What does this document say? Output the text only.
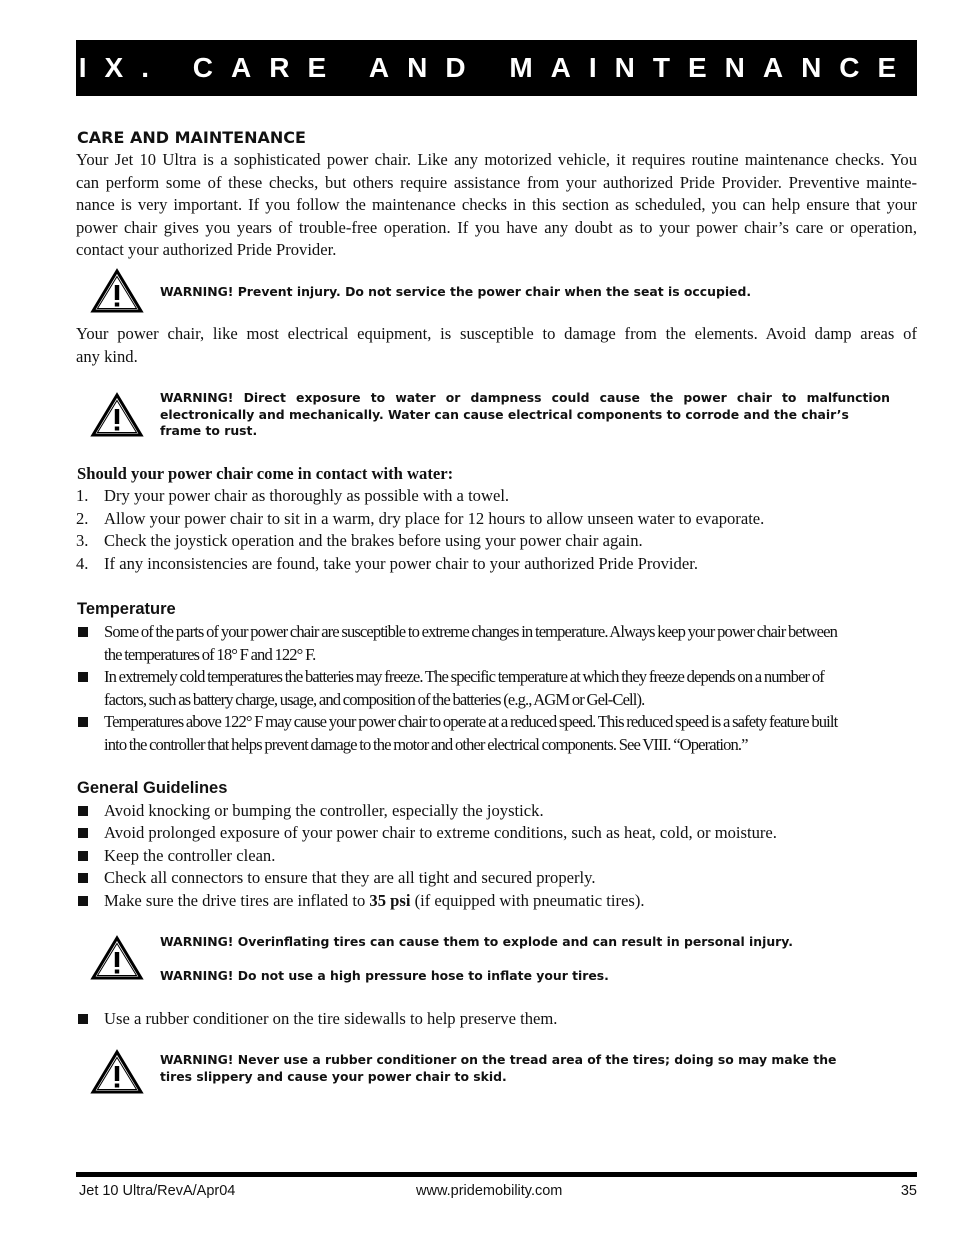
IX. CARE AND MAINTENANCE
CARE AND MAINTENANCE
Your Jet 10 Ultra is a sophisticated power chair. Like any motorized vehicle, it requires routine maintenance checks. You
can perform some of these checks, but others require assistance from your authorized Pride Provider. Preventive mainte-
nance is very important. If you follow the maintenance checks in this section as scheduled, you can help ensure that your
power chair gives you years of trouble-free operation. If you have any doubt as to your power chair’s care or operation,
contact your authorized Pride Provider.
WARNING! Prevent injury. Do not service the power chair when the seat is occupied.
Your power chair, like most electrical equipment, is susceptible to damage from the elements. Avoid damp areas of
any kind.
WARNING! Direct exposure to water or dampness could cause the power chair to malfunction
electronically and mechanically. Water can cause electrical components to corrode and the chair’s
frame to rust.
Should your power chair come in contact with water:
1. Dry your power chair as thoroughly as possible with a towel.
2. Allow your power chair to sit in a warm, dry place for 12 hours to allow unseen water to evaporate.
3. Check the joystick operation and the brakes before using your power chair again.
4. If any inconsistencies are found, take your power chair to your authorized Pride Provider.
Temperature
Some of the parts of your power chair are susceptible to extreme changes in temperature. Always keep your power chair between
the temperatures of 18° F and 122° F.
In extremely cold temperatures the batteries may freeze. The specific temperature at which they freeze depends on a number of
factors, such as battery charge, usage, and composition of the batteries (e.g., AGM or Gel-Cell).
Temperatures above 122° F may cause your power chair to operate at a reduced speed. This reduced speed is a safety feature built
into the controller that helps prevent damage to the motor and other electrical components. See VIII. “Operation.”
General Guidelines
Avoid knocking or bumping the controller, especially the joystick.
Avoid prolonged exposure of your power chair to extreme conditions, such as heat, cold, or moisture.
Keep the controller clean.
Check all connectors to ensure that they are all tight and secured properly.
Make sure the drive tires are inflated to 35 psi (if equipped with pneumatic tires).
WARNING! Overinflating tires can cause them to explode and can result in personal injury.
WARNING! Do not use a high pressure hose to inflate your tires.
Use a rubber conditioner on the tire sidewalls to help preserve them.
WARNING! Never use a rubber conditioner on the tread area of the tires; doing so may make the
tires slippery and cause your power chair to skid.
Jet 10 Ultra/RevA/Apr04	www.pridemobility.com	35
